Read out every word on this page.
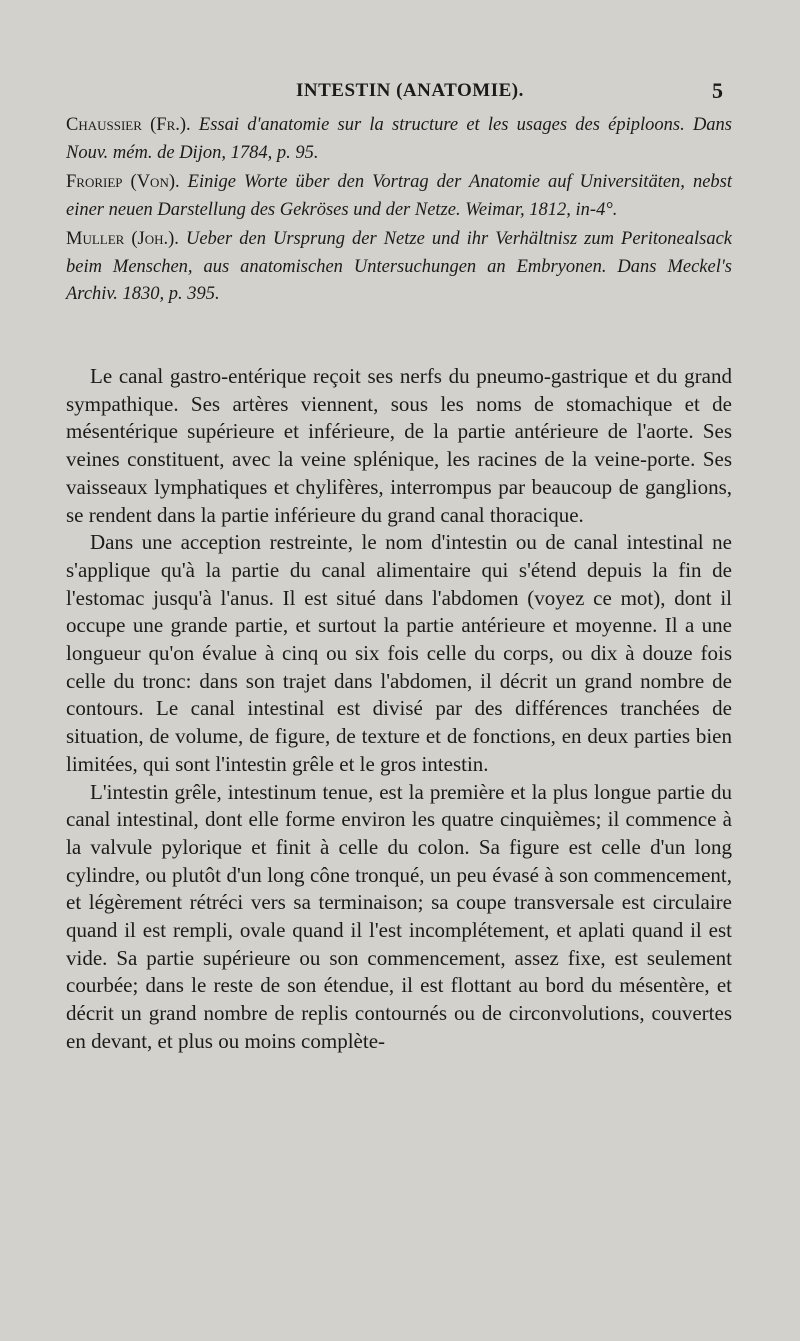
INTESTIN (ANATOMIE).	5
Chaussier (Fr.). Essai d'anatomie sur la structure et les usages des épiploons. Dans Nouv. mém. de Dijon, 1784, p. 95.
Froriep (Von). Einige Worte über den Vortrag der Anatomie auf Universitäten, nebst einer neuen Darstellung des Gekröses und der Netze. Weimar, 1812, in-4°.
Muller (Joh.). Ueber den Ursprung der Netze und ihr Verhältnisz zum Peritonealsack beim Menschen, aus anatomischen Untersuchungen an Embryonen. Dans Meckel's Archiv. 1830, p. 395.

Le canal gastro-entérique reçoit ses nerfs du pneumo-gastrique et du grand sympathique. Ses artères viennent, sous les noms de stomachique et de mésentérique supérieure et inférieure, de la partie antérieure de l'aorte. Ses veines constituent, avec la veine splénique, les racines de la veine-porte. Ses vaisseaux lymphatiques et chylifères, interrompus par beaucoup de ganglions, se rendent dans la partie inférieure du grand canal thoracique.

Dans une acception restreinte, le nom d'intestin ou de canal intestinal ne s'applique qu'à la partie du canal alimentaire qui s'étend depuis la fin de l'estomac jusqu'à l'anus. Il est situé dans l'abdomen (voyez ce mot), dont il occupe une grande partie, et surtout la partie antérieure et moyenne. Il a une longueur qu'on évalue à cinq ou six fois celle du corps, ou dix à douze fois celle du tronc: dans son trajet dans l'abdomen, il décrit un grand nombre de contours. Le canal intestinal est divisé par des différences tranchées de situation, de volume, de figure, de texture et de fonctions, en deux parties bien limitées, qui sont l'intestin grêle et le gros intestin.

L'intestin grêle, intestinum tenue, est la première et la plus longue partie du canal intestinal, dont elle forme environ les quatre cinquièmes; il commence à la valvule pylorique et finit à celle du colon. Sa figure est celle d'un long cylindre, ou plutôt d'un long cône tronqué, un peu évasé à son commencement, et légèrement rétréci vers sa terminaison; sa coupe transversale est circulaire quand il est rempli, ovale quand il l'est incomplétement, et aplati quand il est vide. Sa partie supérieure ou son commencement, assez fixe, est seulement courbée; dans le reste de son étendue, il est flottant au bord du mésentère, et décrit un grand nombre de replis contournés ou de circonvolutions, couvertes en devant, et plus ou moins complète-
